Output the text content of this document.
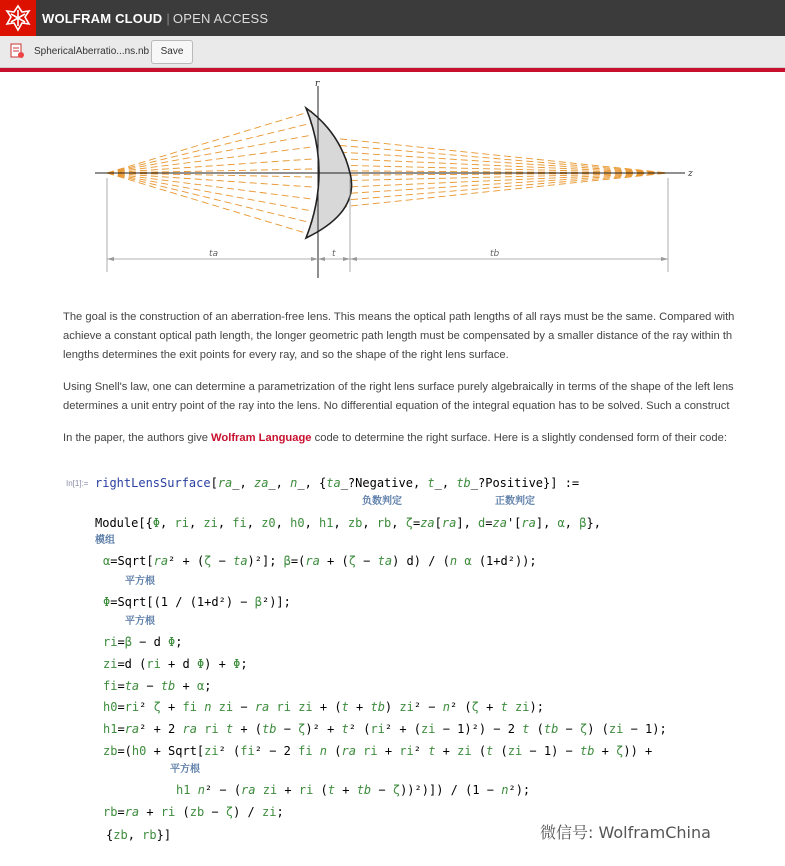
WOLFRAM CLOUD | OPEN ACCESS
SphericalAberratio...ns.nb	Save
r
z
ta	t	tb
The goal is the construction of an aberration-free lens. This means the optical path lengths of all rays must be the same. Compared with
achieve a constant optical path length, the longer geometric path length must be compensated by a smaller distance of the ray within th
lengths determines the exit points for every ray, and so the shape of the right lens surface.
Using Snell's law, one can determine a parametrization of the right lens surface purely algebraically in terms of the shape of the left lens
determines a unit entry point of the ray into the lens. No differential equation of the integral equation has to be solved. Such a construct
In the paper, the authors give Wolfram Language code to determine the right surface. Here is a slightly condensed form of their code:
In[1]:= rightLensSurface[ra_, za_, n_, {ta_?Negative, t_, tb_?Positive}] :=
负数判定	正数判定
Module[{Φ, ri, zi, fi, z0, h0, h1, zb, rb, ζ=za[ra], d=za'[ra], α, β},
模组
α=Sqrt[ra² + (ζ − ta)²]; β=(ra + (ζ − ta) d) / (n α (1+d²));
平方根
Φ=Sqrt[(1 / (1+d²) − β²)];
平方根
ri=β − d Φ;
zi=d (ri + d Φ) + Φ;
fi=ta − tb + α;
h0=ri² ζ + fi n zi − ra ri zi + (t + tb) zi² − n² (ζ + t zi);
h1=ra² + 2 ra ri t + (tb − ζ)² + t² (ri² + (zi − 1)²) − 2 t (tb − ζ) (zi − 1);
zb=(h0 + Sqrt[zi² (fi² − 2 fi n (ra ri + ri² t + zi (t (zi − 1) − tb + ζ)) +
平方根
h1 n² − (ra zi + ri (t + tb − ζ))²)]) / (1 − n²);
rb=ra + ri (zb − ζ) / zi;
{zb, rb}]	微信号: WolframChina
